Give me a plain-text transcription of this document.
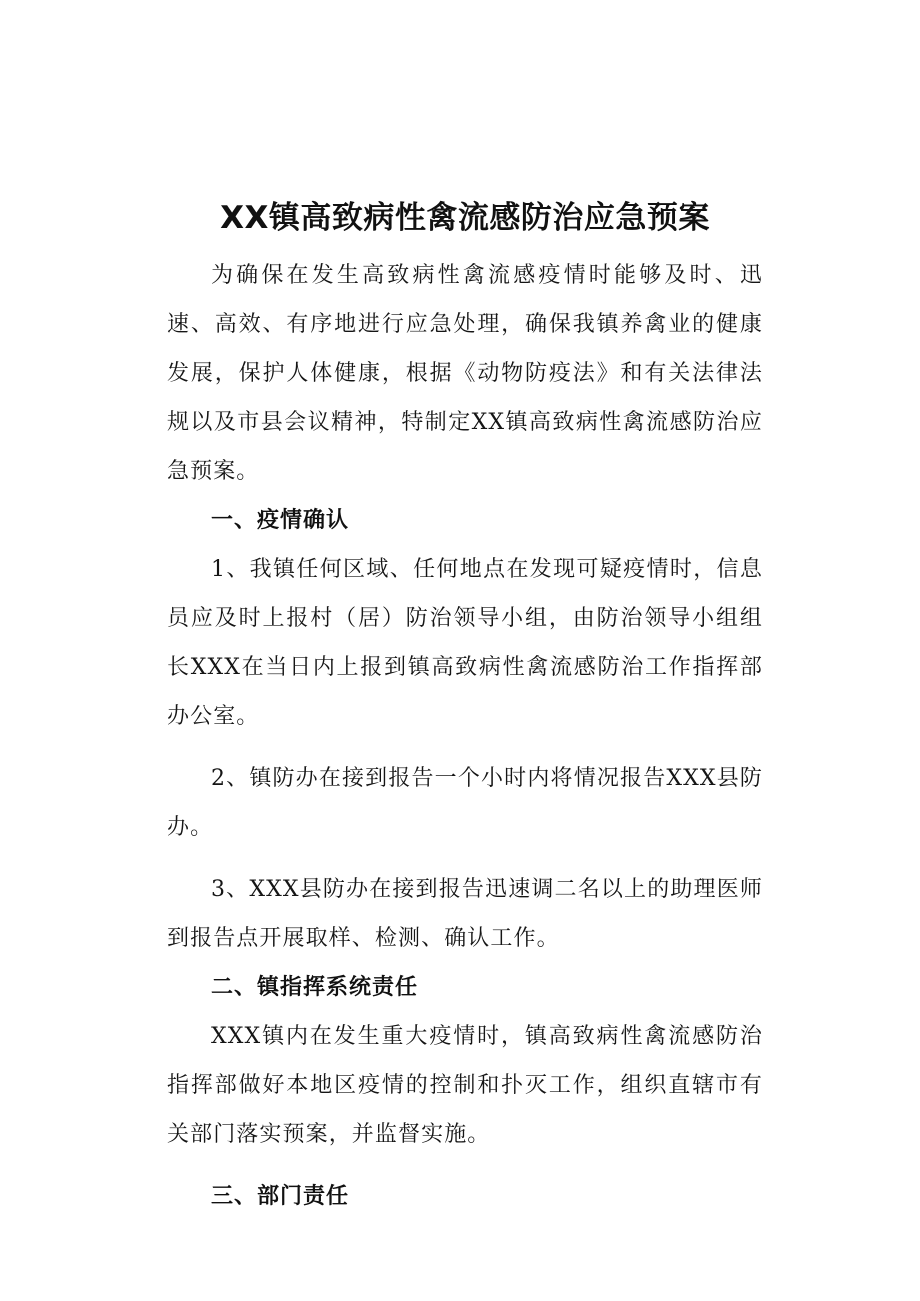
XX镇高致病性禽流感防治应急预案

为确保在发生高致病性禽流感疫情时能够及时、迅速、高效、有序地进行应急处理，确保我镇养禽业的健康发展，保护人体健康，根据《动物防疫法》和有关法律法规以及市县会议精神，特制定XX镇高致病性禽流感防治应急预案。

一、疫情确认

1、我镇任何区域、任何地点在发现可疑疫情时，信息员应及时上报村（居）防治领导小组，由防治领导小组组长XXX在当日内上报到镇高致病性禽流感防治工作指挥部办公室。

2、镇防办在接到报告一个小时内将情况报告XXX县防办。

3、XXX县防办在接到报告迅速调二名以上的助理医师到报告点开展取样、检测、确认工作。

二、镇指挥系统责任

XXX镇内在发生重大疫情时，镇高致病性禽流感防治指挥部做好本地区疫情的控制和扑灭工作，组织直辖市有关部门落实预案，并监督实施。

三、部门责任
